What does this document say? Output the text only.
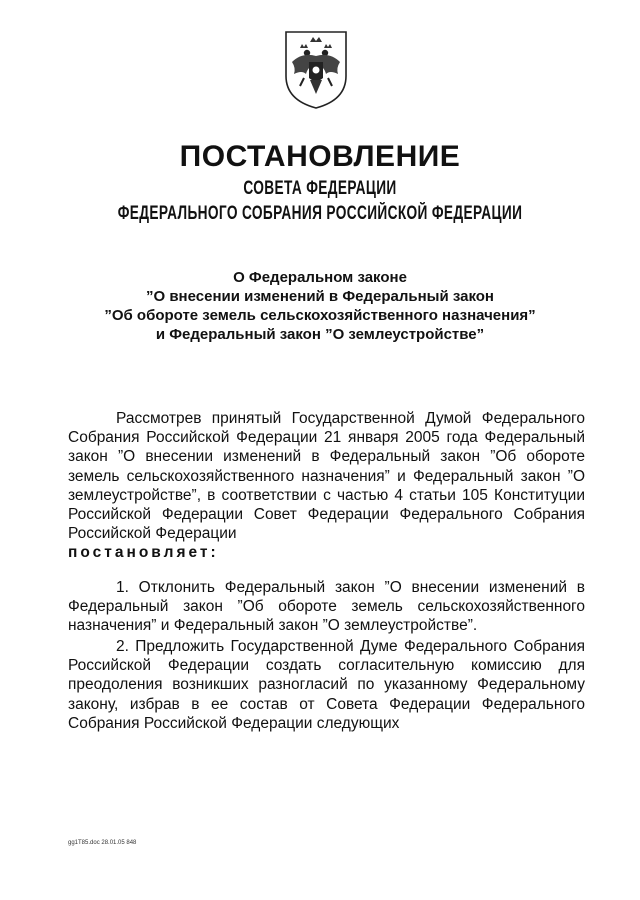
ПОСТАНОВЛЕНИЕ
СОВЕТА ФЕДЕРАЦИИ
ФЕДЕРАЛЬНОГО СОБРАНИЯ РОССИЙСКОЙ ФЕДЕРАЦИИ
О Федеральном законе
”О внесении изменений в Федеральный закон
”Об обороте земель сельскохозяйственного назначения”
и Федеральный закон ”О землеустройстве”
Рассмотрев принятый Государственной Думой Федерального Собрания Российской Федерации 21 января 2005 года Федеральный закон ”О внесении изменений в Федеральный закон ”Об обороте земель сельскохозяйственного назначения” и Федеральный закон ”О землеустройстве”, в соответствии с частью 4 статьи 105 Конституции Российской Федерации Совет Федерации Федерального Собрания Российской Федерации
постановляет:
1. Отклонить Федеральный закон ”О внесении изменений в Федеральный закон ”Об обороте земель сельскохозяйственного назначения” и Федеральный закон ”О землеустройстве”.
2. Предложить Государственной Думе Федерального Собрания Российской Федерации создать согласительную комиссию для преодоления возникших разногласий по указанному Федеральному закону, избрав в ее состав от Совета Федерации Федерального Собрания Российской Федерации следующих
gg1T85.doc 28.01.05 848
